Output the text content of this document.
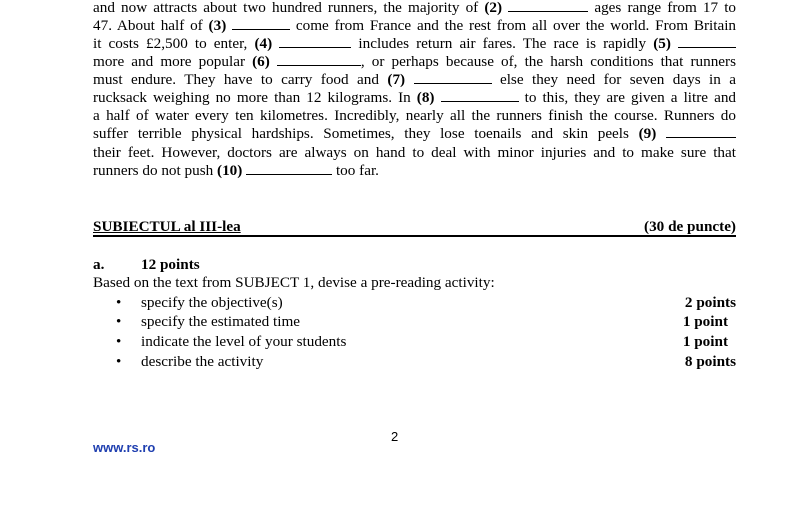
and now attracts about two hundred runners, the majority of (2)	ages range from 17 to
47. About half of (3)	come from France and the rest from all over the world. From Britain
it costs £2,500 to enter, (4)	includes return air fares. The race is rapidly (5)
more and more popular (6)	, or perhaps because of, the harsh conditions that runners
must endure. They have to carry food and (7)	else they need for seven days in a
rucksack weighing no more than 12 kilograms. In (8)	to this, they are given a litre and
a half of water every ten kilometres. Incredibly, nearly all the runners finish the course. Runners do
suffer terrible physical hardships. Sometimes, they lose toenails and skin peels (9)
their feet. However, doctors are always on hand to deal with minor injuries and to make sure that
runners do not push (10)	too far.
SUBIECTUL al III-lea	(30 de puncte)
a. 12 points
Based on the text from SUBJECT 1, devise a pre-reading activity:
• specify the objective(s)	2 points
• specify the estimated time	1 point
• indicate the level of your students	1 point
• describe the activity	8 points
2
www.rs.ro
